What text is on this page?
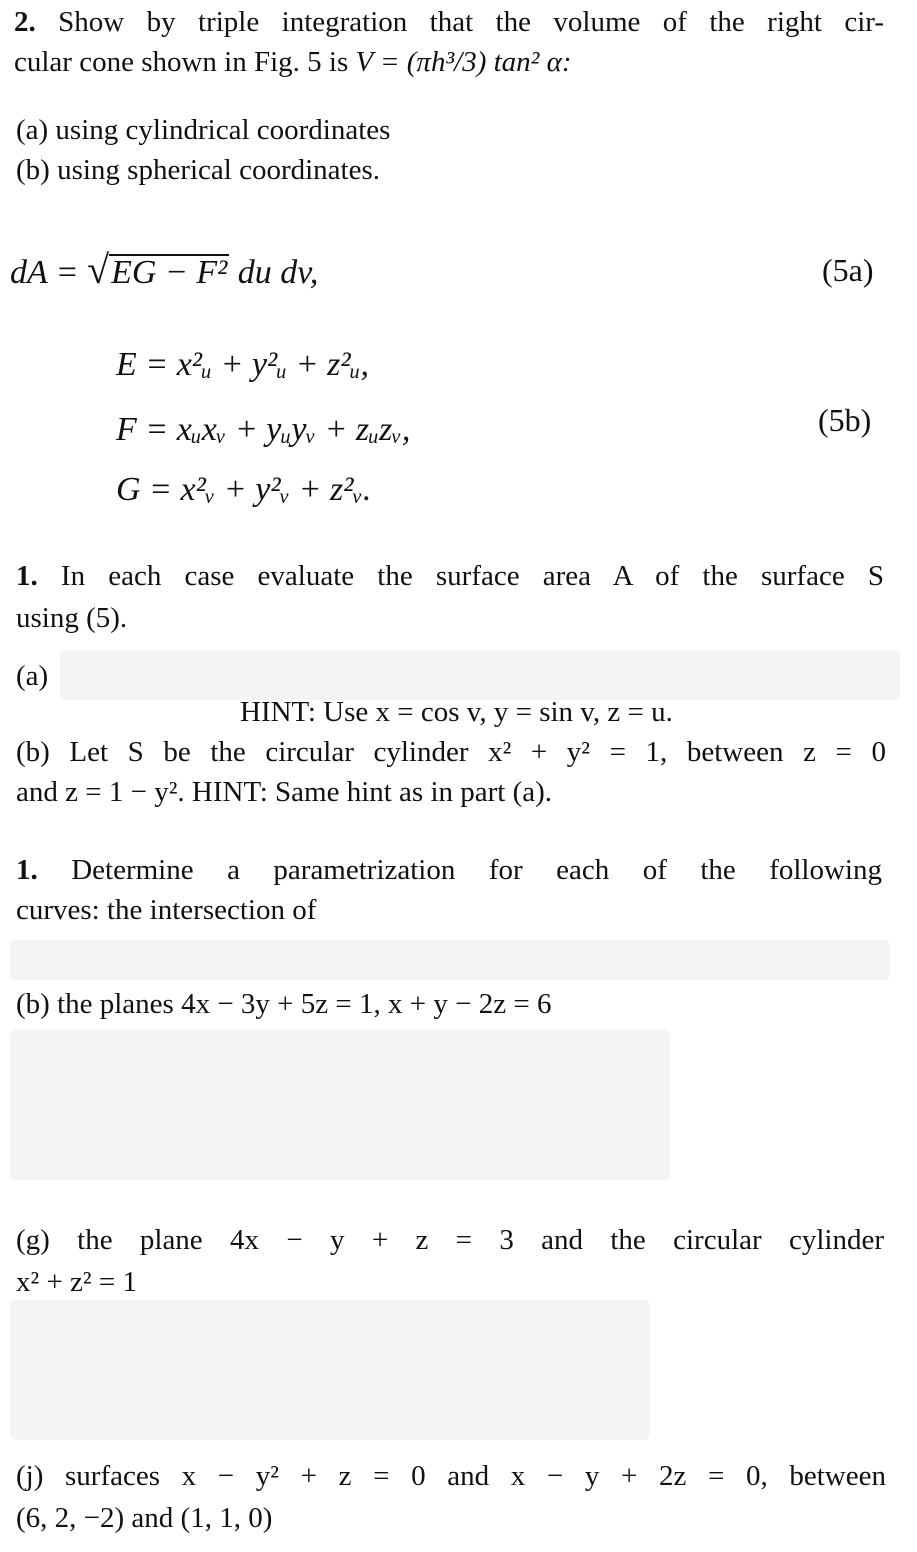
2. Show by triple integration that the volume of the right cir-
cular cone shown in Fig. 5 is V = (πh³/3) tan² α:
(a) using cylindrical coordinates
(b) using spherical coordinates.
dA = √EG − F² du dv,	(5a)
E = x²ᵤ + y²ᵤ + z²ᵤ,
F = xᵤxᵥ + yᵤyᵥ + zᵤzᵥ,
G = x²ᵥ + y²ᵥ + z²ᵥ.
(5b)
1. In each case evaluate the surface area A of the surface S
using (5).
(a)
HINT: Use x = cos v, y = sin v, z = u.
(b) Let S be the circular cylinder x² + y² = 1, between z = 0
and z = 1 − y². HINT: Same hint as in part (a).
1. Determine a parametrization for each of the following
curves: the intersection of
(b) the planes 4x − 3y + 5z = 1, x + y − 2z = 6
(g) the plane 4x − y + z = 3 and the circular cylinder
x² + z² = 1
(j) surfaces x − y² + z = 0 and x − y + 2z = 0, between
(6, 2, −2) and (1, 1, 0)
